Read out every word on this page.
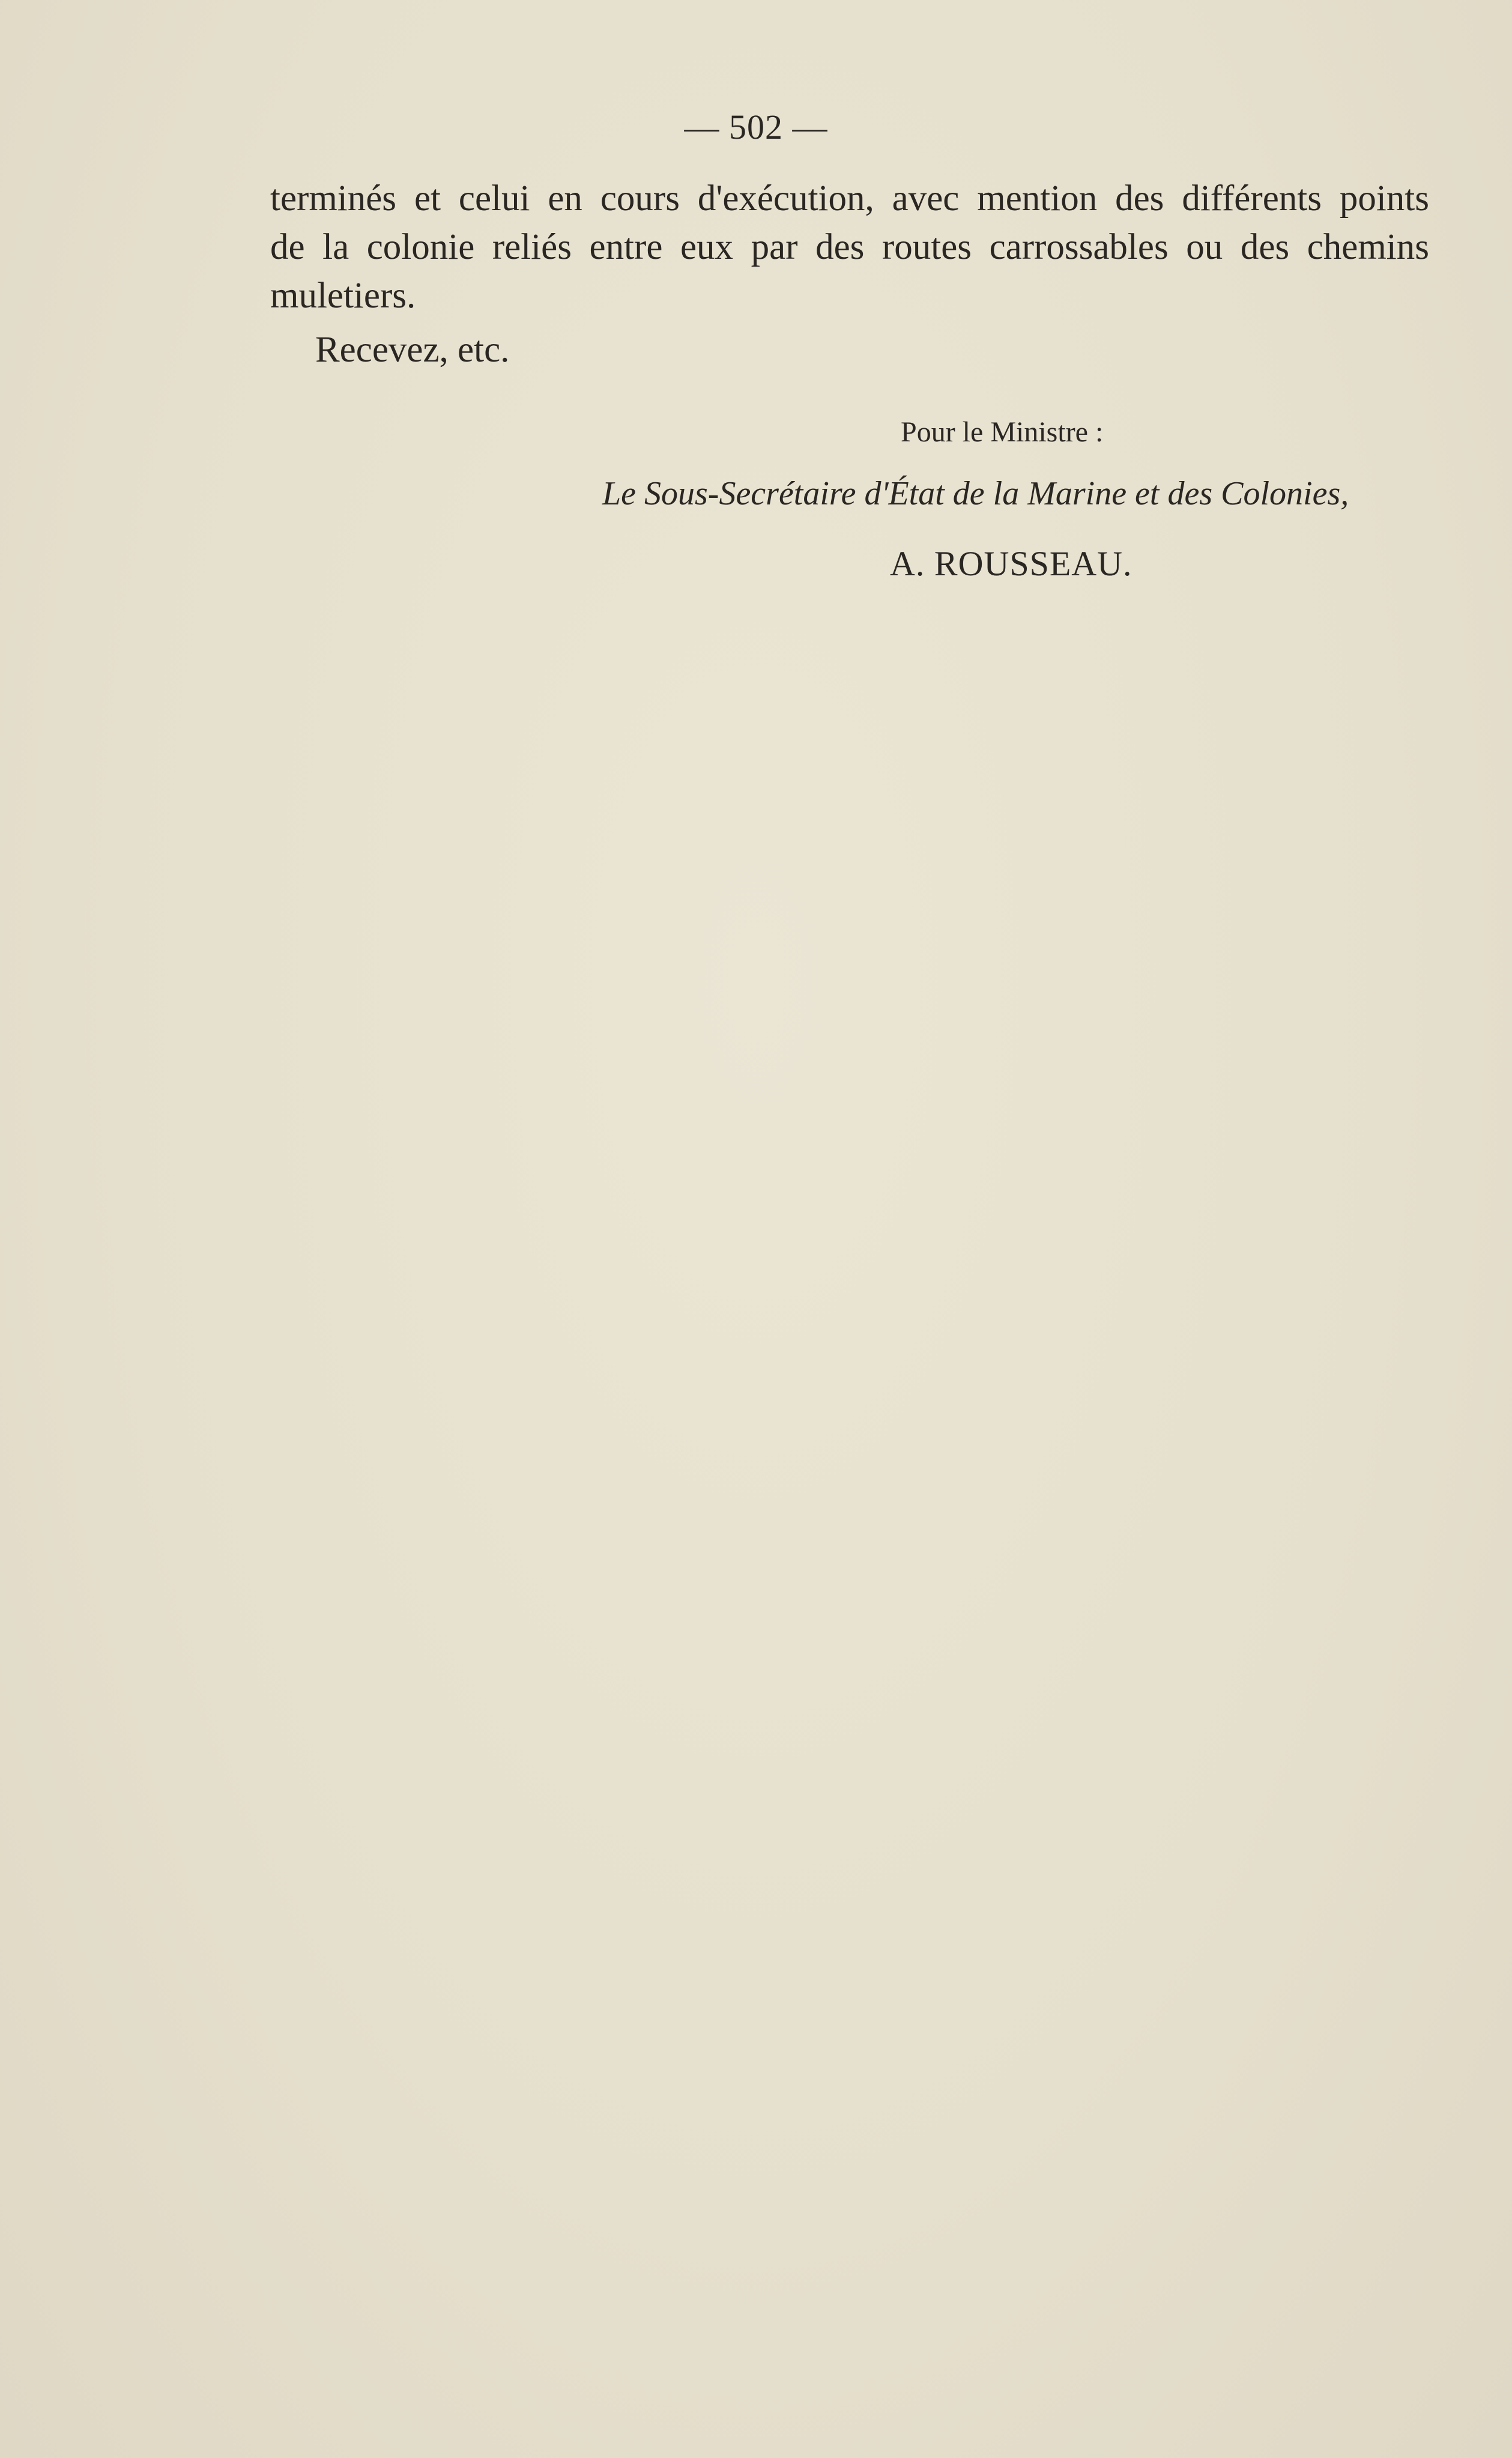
— 502 —
terminés et celui en cours d'exécution, avec mention des différents points
de la colonie reliés entre eux par des routes carrossables ou des chemins
muletiers.
Recevez, etc.
Pour le Ministre :
Le Sous-Secrétaire d'État de la Marine et des Colonies,
A. ROUSSEAU.
